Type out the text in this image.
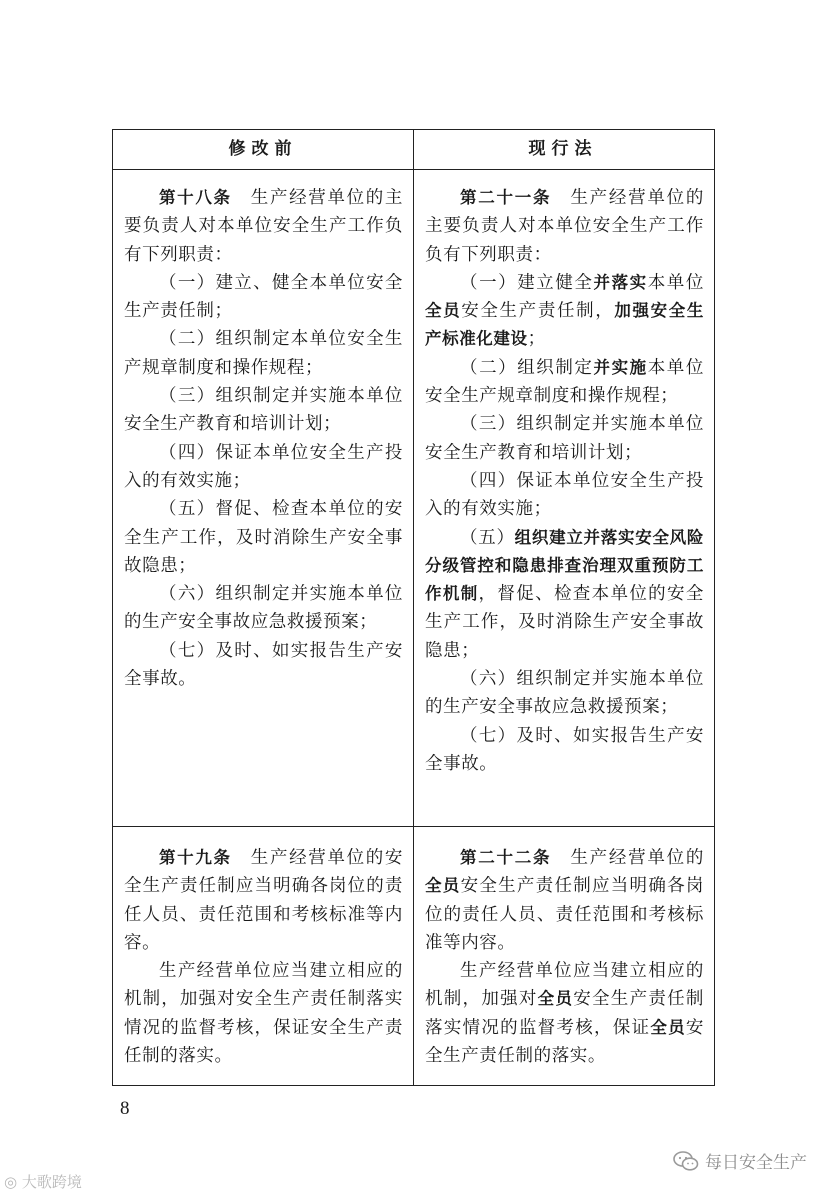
修改前	现行法

第十八条　生产经营单位的主要负责人对本单位安全生产工作负有下列职责：

（一）建立、健全本单位安全生产责任制；

（二）组织制定本单位安全生产规章制度和操作规程；

（三）组织制定并实施本单位安全生产教育和培训计划；

（四）保证本单位安全生产投入的有效实施；

（五）督促、检查本单位的安全生产工作，及时消除生产安全事故隐患；

（六）组织制定并实施本单位的生产安全事故应急救援预案；

（七）及时、如实报告生产安全事故。

第二十一条　生产经营单位的主要负责人对本单位安全生产工作负有下列职责：

（一）建立健全并落实本单位全员安全生产责任制，加强安全生产标准化建设；

（二）组织制定并实施本单位安全生产规章制度和操作规程；

（三）组织制定并实施本单位安全生产教育和培训计划；

（四）保证本单位安全生产投入的有效实施；

（五）组织建立并落实安全风险分级管控和隐患排查治理双重预防工作机制，督促、检查本单位的安全生产工作，及时消除生产安全事故隐患；

（六）组织制定并实施本单位的生产安全事故应急救援预案；

（七）及时、如实报告生产安全事故。

第十九条　生产经营单位的安全生产责任制应当明确各岗位的责任人员、责任范围和考核标准等内容。

生产经营单位应当建立相应的机制，加强对安全生产责任制落实情况的监督考核，保证安全生产责任制的落实。

第二十二条　生产经营单位的全员安全生产责任制应当明确各岗位的责任人员、责任范围和考核标准等内容。

生产经营单位应当建立相应的机制，加强对全员安全生产责任制落实情况的监督考核，保证全员安全生产责任制的落实。

8
◎ 大歌跨境
每日安全生产
